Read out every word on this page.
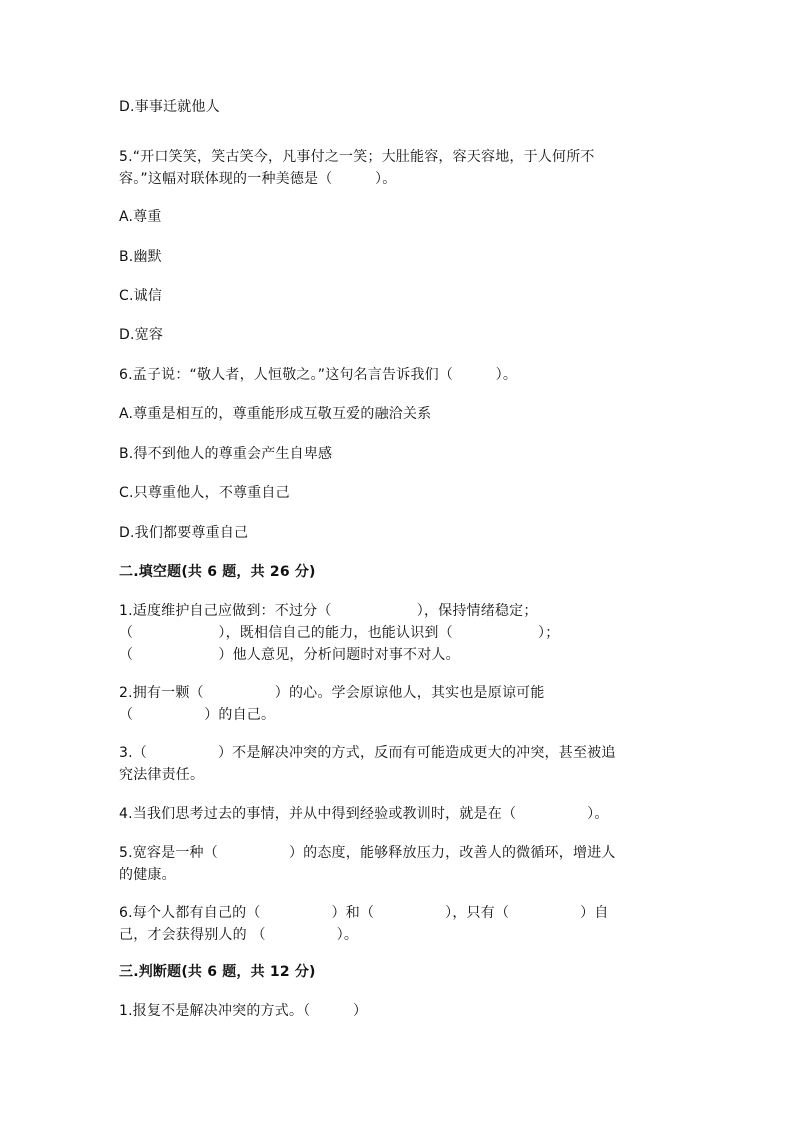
D.事事迁就他人
5.“开口笑笑，笑古笑今，凡事付之一笑；大肚能容，容天容地，于人何所不
容。”这幅对联体现的一种美德是（　　　）。
A.尊重
B.幽默
C.诚信
D.宽容
6.孟子说：“敬人者，人恒敬之。”这句名言告诉我们（　　　）。
A.尊重是相互的，尊重能形成互敬互爱的融洽关系
B.得不到他人的尊重会产生自卑感
C.只尊重他人，不尊重自己
D.我们都要尊重自己
二.填空题(共 6 题，共 26 分)
1.适度维护自己应做到：不过分（　　　　　　），保持情绪稳定；
（　　　　　　），既相信自己的能力，也能认识到（　　　　　　）；
（　　　　　　）他人意见，分析问题时对事不对人。
2.拥有一颗（　　　　　）的心。学会原谅他人，其实也是原谅可能
（　　　　　）的自己。
3.（　　　　　）不是解决冲突的方式，反而有可能造成更大的冲突，甚至被追
究法律责任。
4.当我们思考过去的事情，并从中得到经验或教训时，就是在（　　　　　）。
5.宽容是一种（　　　　　）的态度，能够释放压力，改善人的微循环，增进人
的健康。
6.每个人都有自己的（　　　　　）和（　　　　　），只有（　　　　　）自
己，才会获得别人的 （　　　　　）。
三.判断题(共 6 题，共 12 分)
1.报复不是解决冲突的方式。（　　　）
